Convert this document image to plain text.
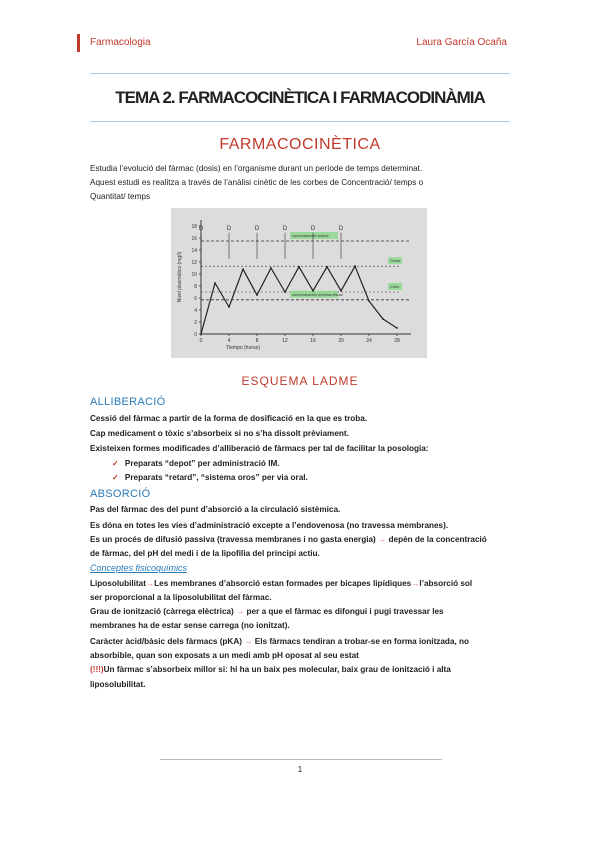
Farmacologia	Laura García Ocaña
TEMA 2. FARMACOCINÈTICA I FARMACODINÀMIA
FARMACOCINÈTICA
Estudia l’evolució del fàrmac (dosis) en l’organisme durant un període de temps determinat.
Aquest estudi es realitza a través de l’anàlisi cinètic de les corbes de Concentració/ temps o
Quantitat/ temps
0
2
4
6
8
10
12
14
16
18
0	4	8	12	16	20	24	28
Tiempo (horas)
Nivel plasmático (mg/l)
concentración tóxica
concentración mínima eficaz
Cmax
Cmin
D	D	D	D	D	D
ESQUEMA LADME
ALLIBERACIÓ
Cessió del fàrmac a partir de la forma de dosificació en la que es troba.
Cap medicament o tòxic s’absorbeix si no s’ha dissolt prèviament.
Existeixen formes modificades d’alliberació de fàrmacs per tal de facilitar la posologia:
✓ Preparats “depot” per administració IM.
✓ Preparats “retard”, “sistema oros” per via oral.
ABSORCIÓ
Pas del fàrmac des del punt d’absorció a la circulació sistèmica.
Es dóna en totes les vies d’administració excepte a l’endovenosa (no travessa membranes).
Es un procés de difusió passiva (travessa membranes i no gasta energia) → depèn de la concentració
de fàrmac, del pH del medi i de la lipofilia del principi actiu.
Conceptes fisicoquímics
Liposolubilitat→Les membranes d’absorció estan formades per bicapes lipídiques→l’absorció sol
ser proporcional a la liposolubilitat del fàrmac.
Grau de ionització (càrrega elèctrica) → per a que el fàrmac es difongui i pugi travessar les
membranes ha de estar sense carrega (no ionitzat).
Caràcter àcid/bàsic dels fàrmacs (pKA) → Els fàrmacs tendiran a trobar-se en forma ionitzada, no
absorbible, quan son exposats a un medi amb pH oposat al seu estat
(!!!)Un fàrmac s’absorbeix millor si: hi ha un baix pes molecular, baix grau de ionització i alta
liposolubilitat.
1
